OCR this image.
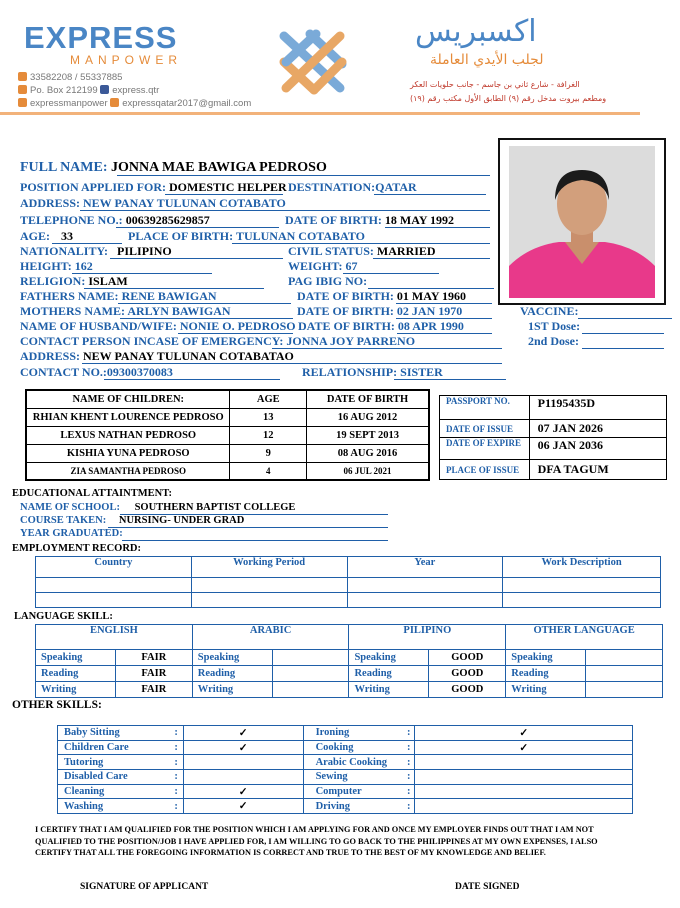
EXPRESS
MANPOWER
33582208 / 55337885
Po. Box 212199 express.qtr
expressmanpower expressqatar2017@gmail.com
اكسبريس
لجلب الأيدي العاملة
الغرافة - شارع ثاني بن جاسم - جانب حلويات العكر
ومطعم بيروت مدخل رقم (٩) الطابق الأول مكتب رقم (١٩)
FULL NAME: JONNA MAE BAWIGA PEDROSO
POSITION APPLIED FOR: DOMESTIC HELPER DESTINATION:QATAR
ADDRESS: NEW PANAY TULUNAN COTABATO
TELEPHONE NO.: 00639285629857	DATE OF BIRTH: 18 MAY 1992
AGE: 33	PLACE OF BIRTH: TULUNAN COTABATO
NATIONALITY: PILIPINO	CIVIL STATUS: MARRIED
HEIGHT: 162	WEIGHT: 67
RELIGION: ISLAM	PAG IBIG NO:
FATHERS NAME: RENE BAWIGAN	DATE OF BIRTH: 01 MAY 1960
MOTHERS NAME: ARLYN BAWIGAN	DATE OF BIRTH: 02 JAN 1970	VACCINE:
NAME OF HUSBAND/WIFE: NONIE O. PEDROSO DATE OF BIRTH: 08 APR 1990	1ST Dose:
CONTACT PERSON INCASE OF EMERGENCY: JONNA JOY PARRENO	2nd Dose:
ADDRESS: NEW PANAY TULUNAN COTABATAO
CONTACT NO.:09300370083	RELATIONSHIP: SISTER
NAME OF CHILDREN:	AGE	DATE OF BIRTH
RHIAN KHENT LOURENCE PEDROSO	13	16 AUG 2012
LEXUS NATHAN PEDROSO	12	19 SEPT 2013
KISHIA YUNA PEDROSO	9	08 AUG 2016
ZIA SAMANTHA PEDROSO	4	06 JUL 2021
PASSPORT NO.	P1195435D
DATE OF ISSUE	07 JAN 2026
DATE OF EXPIRE	06 JAN 2036
PLACE OF ISSUE	DFA TAGUM
EDUCATIONAL ATTAINTMENT:
NAME OF SCHOOL: SOUTHERN BAPTIST COLLEGE
COURSE TAKEN: NURSING- UNDER GRAD
YEAR GRADUATED:
EMPLOYMENT RECORD:
Country	Working Period	Year	Work Description

LANGUAGE SKILL:
ENGLISH		ARABIC		PILIPINO		OTHER LANGUAGE	
Speaking	FAIR	Speaking		Speaking	GOOD	Speaking	
Reading	FAIR	Reading		Reading	GOOD	Reading	
Writing	FAIR	Writing		Writing	GOOD	Writing	
OTHER SKILLS:
Baby Sitting	:	✓	Ironing	:	✓
Children Care	:	✓	Cooking	:	✓
Tutoring	:		Arabic Cooking	:	
Disabled Care	:		Sewing	:	
Cleaning	:	✓	Computer	:	
Washing	:	✓	Driving	:	
I CERTIFY THAT I AM QUALIFIED FOR THE POSITION WHICH I AM APPLYING FOR AND ONCE MY EMPLOYER FINDS OUT THAT I AM NOT QUALIFIED TO THE POSITION/JOB I HAVE APPLIED FOR, I AM WILLING TO GO BACK TO THE PHILIPPINES AT MY OWN EXPENSES, I ALSO CERTIFY THAT ALL THE FOREGOING INFORMATION IS CORRECT AND TRUE TO THE BEST OF MY KNOWLEDGE AND BELIEF.
SIGNATURE OF APPLICANT	DATE SIGNED
